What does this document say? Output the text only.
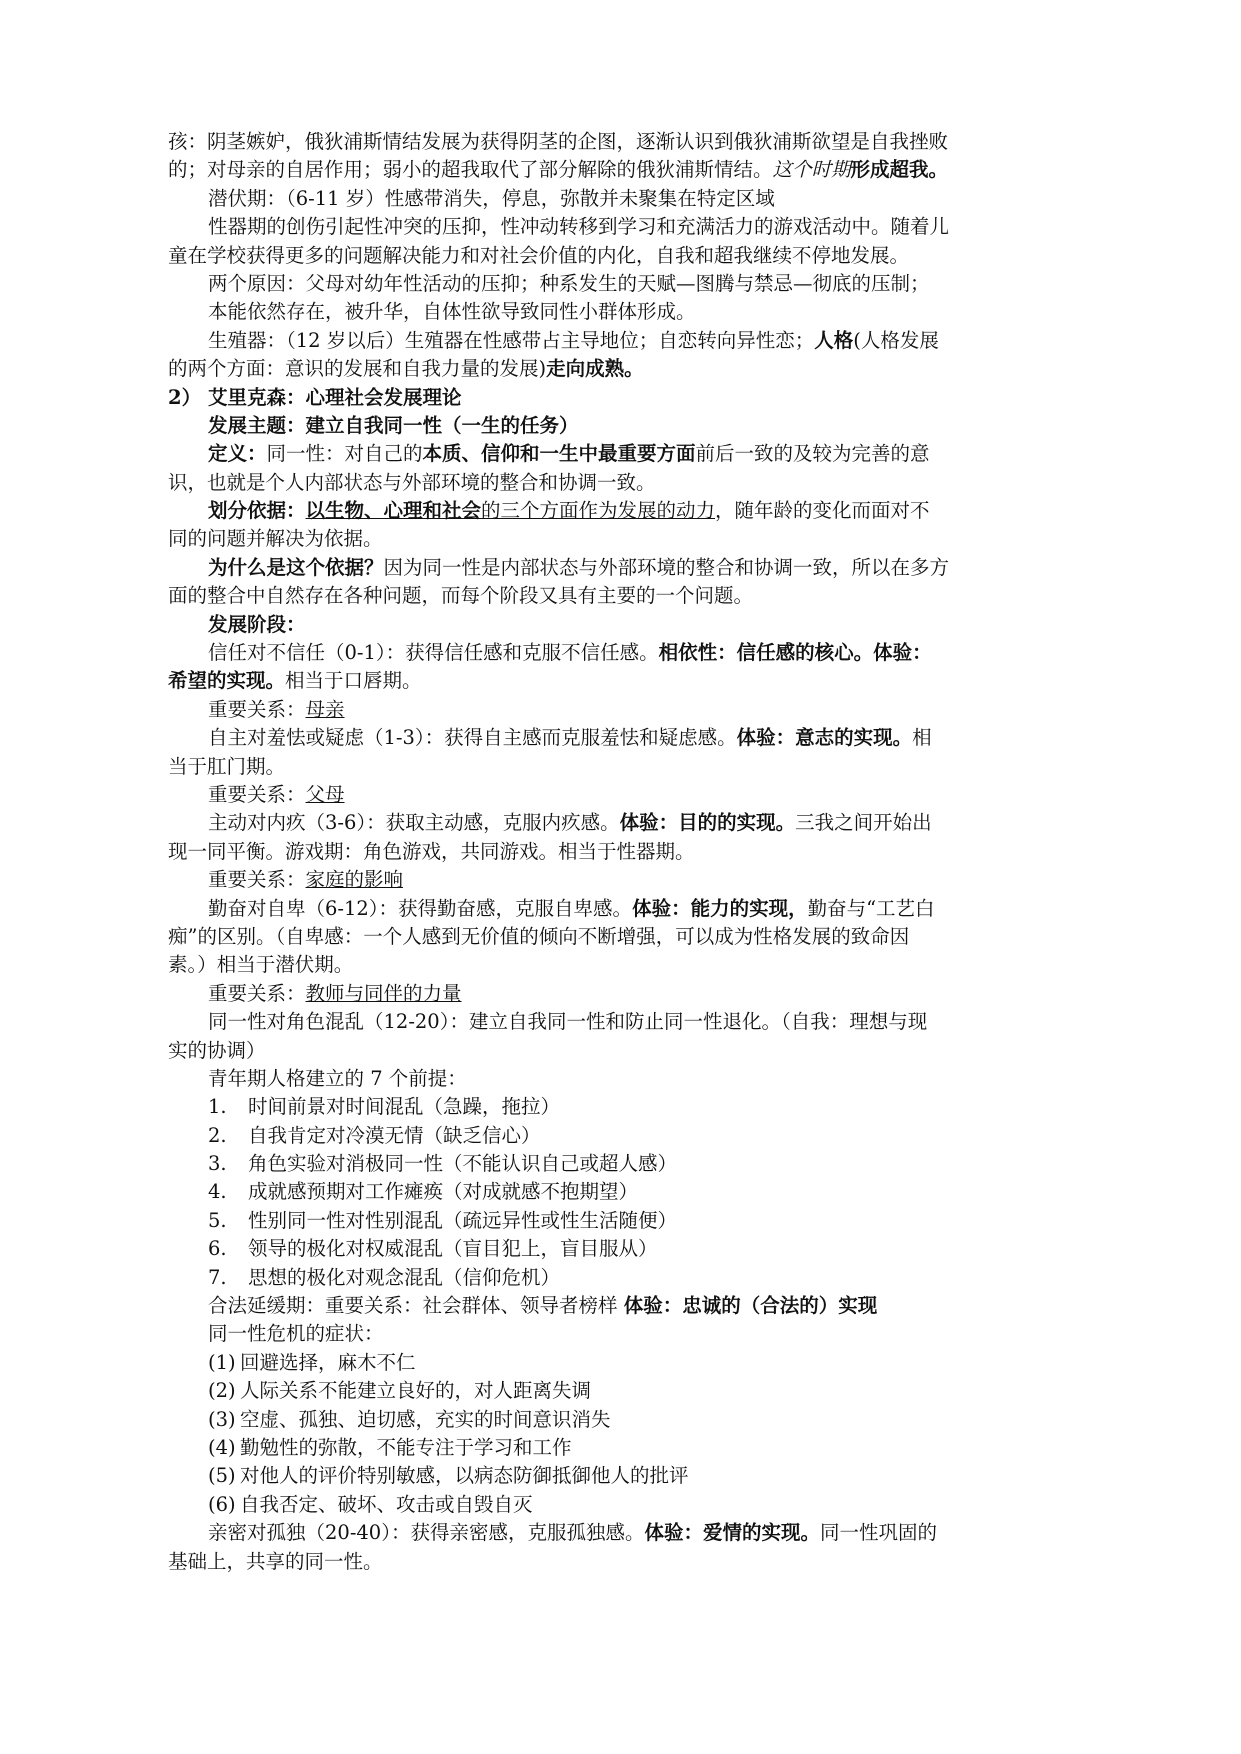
孩：阴茎嫉妒，俄狄浦斯情结发展为获得阴茎的企图，逐渐认识到俄狄浦斯欲望是自我挫败
的；对母亲的自居作用；弱小的超我取代了部分解除的俄狄浦斯情结。这个时期形成超我。
潜伏期：（6-11 岁）性感带消失，停息，弥散并未聚集在特定区域
性器期的创伤引起性冲突的压抑，性冲动转移到学习和充满活力的游戏活动中。随着儿
童在学校获得更多的问题解决能力和对社会价值的内化，自我和超我继续不停地发展。
两个原因：父母对幼年性活动的压抑；种系发生的天赋—图腾与禁忌—彻底的压制；
本能依然存在，被升华，自体性欲导致同性小群体形成。
生殖器：（12 岁以后）生殖器在性感带占主导地位；自恋转向异性恋；人格(人格发展
的两个方面：意识的发展和自我力量的发展)走向成熟。
2） 艾里克森：心理社会发展理论
发展主题：建立自我同一性（一生的任务）
定义：同一性：对自己的本质、信仰和一生中最重要方面前后一致的及较为完善的意
识，也就是个人内部状态与外部环境的整合和协调一致。
划分依据：以生物、心理和社会的三个方面作为发展的动力，随年龄的变化而面对不
同的问题并解决为依据。
为什么是这个依据？因为同一性是内部状态与外部环境的整合和协调一致，所以在多方
面的整合中自然存在各种问题，而每个阶段又具有主要的一个问题。
发展阶段：
信任对不信任（0-1）：获得信任感和克服不信任感。相依性：信任感的核心。体验：
希望的实现。相当于口唇期。
重要关系：母亲
自主对羞怯或疑虑（1-3）：获得自主感而克服羞怯和疑虑感。体验：意志的实现。相
当于肛门期。
重要关系：父母
主动对内疚（3-6）：获取主动感，克服内疚感。体验：目的的实现。三我之间开始出
现一同平衡。游戏期：角色游戏，共同游戏。相当于性器期。
重要关系：家庭的影响
勤奋对自卑（6-12）：获得勤奋感，克服自卑感。体验：能力的实现，勤奋与“工艺白
痴”的区别。（自卑感：一个人感到无价值的倾向不断增强，可以成为性格发展的致命因
素。）相当于潜伏期。
重要关系：教师与同伴的力量
同一性对角色混乱（12-20）：建立自我同一性和防止同一性退化。（自我：理想与现
实的协调）
青年期人格建立的 7 个前提：
1. 时间前景对时间混乱（急躁，拖拉）
2. 自我肯定对冷漠无情（缺乏信心）
3. 角色实验对消极同一性（不能认识自己或超人感）
4. 成就感预期对工作瘫痪（对成就感不抱期望）
5. 性别同一性对性别混乱（疏远异性或性生活随便）
6. 领导的极化对权威混乱（盲目犯上，盲目服从）
7. 思想的极化对观念混乱（信仰危机）
合法延缓期：重要关系：社会群体、领导者榜样 体验：忠诚的（合法的）实现
同一性危机的症状：
(1) 回避选择，麻木不仁
(2) 人际关系不能建立良好的，对人距离失调
(3) 空虚、孤独、迫切感，充实的时间意识消失
(4) 勤勉性的弥散，不能专注于学习和工作
(5) 对他人的评价特别敏感，以病态防御抵御他人的批评
(6) 自我否定、破坏、攻击或自毁自灭
亲密对孤独（20-40）：获得亲密感，克服孤独感。体验：爱情的实现。同一性巩固的
基础上，共享的同一性。
